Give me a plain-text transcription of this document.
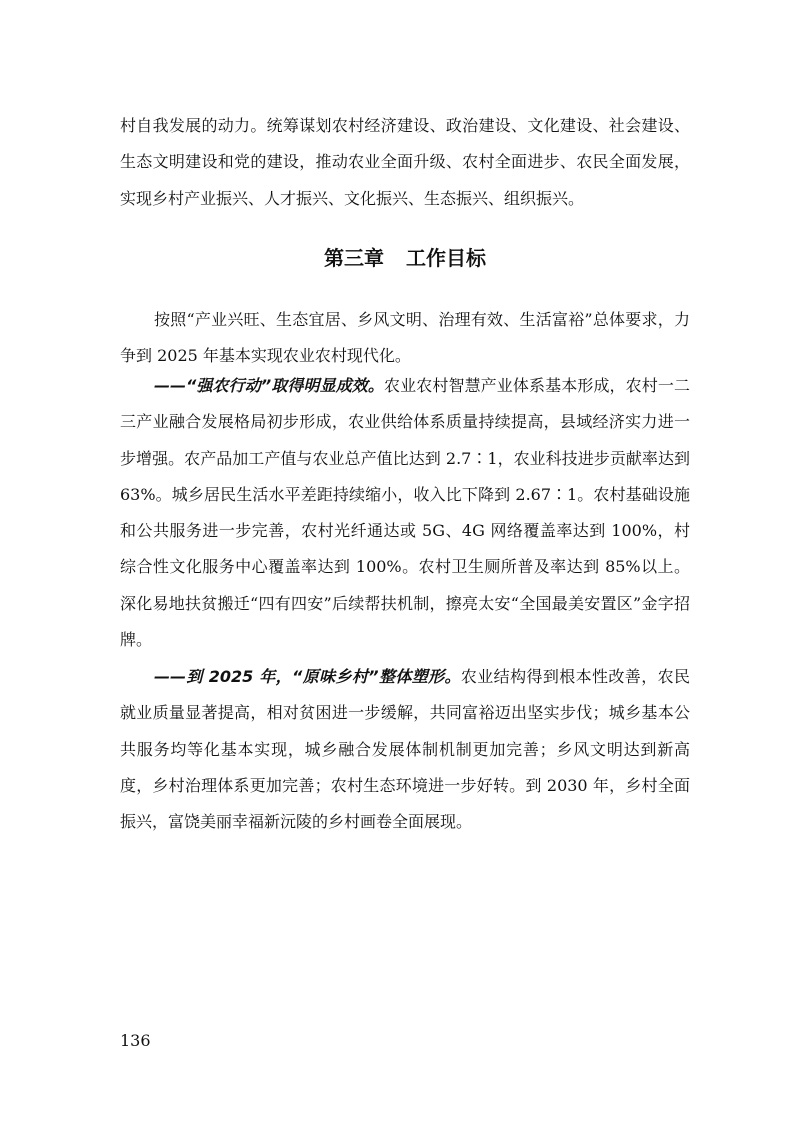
村自我发展的动力。统筹谋划农村经济建设、政治建设、文化建设、社会建设、生态文明建设和党的建设，推动农业全面升级、农村全面进步、农民全面发展，实现乡村产业振兴、人才振兴、文化振兴、生态振兴、组织振兴。

第三章 工作目标

按照“产业兴旺、生态宜居、乡风文明、治理有效、生活富裕”总体要求，力争到 2025 年基本实现农业农村现代化。

——“强农行动”取得明显成效。农业农村智慧产业体系基本形成，农村一二三产业融合发展格局初步形成，农业供给体系质量持续提高，县域经济实力进一步增强。农产品加工产值与农业总产值比达到 2.7∶1，农业科技进步贡献率达到 63%。城乡居民生活水平差距持续缩小，收入比下降到 2.67∶1。农村基础设施和公共服务进一步完善，农村光纤通达或 5G、4G 网络覆盖率达到 100%，村综合性文化服务中心覆盖率达到 100%。农村卫生厕所普及率达到 85%以上。深化易地扶贫搬迁“四有四安”后续帮扶机制，擦亮太安“全国最美安置区”金字招牌。

——到 2025 年，“原味乡村”整体塑形。农业结构得到根本性改善，农民就业质量显著提高，相对贫困进一步缓解，共同富裕迈出坚实步伐；城乡基本公共服务均等化基本实现，城乡融合发展体制机制更加完善；乡风文明达到新高度，乡村治理体系更加完善；农村生态环境进一步好转。到 2030 年，乡村全面振兴，富饶美丽幸福新沅陵的乡村画卷全面展现。

136
